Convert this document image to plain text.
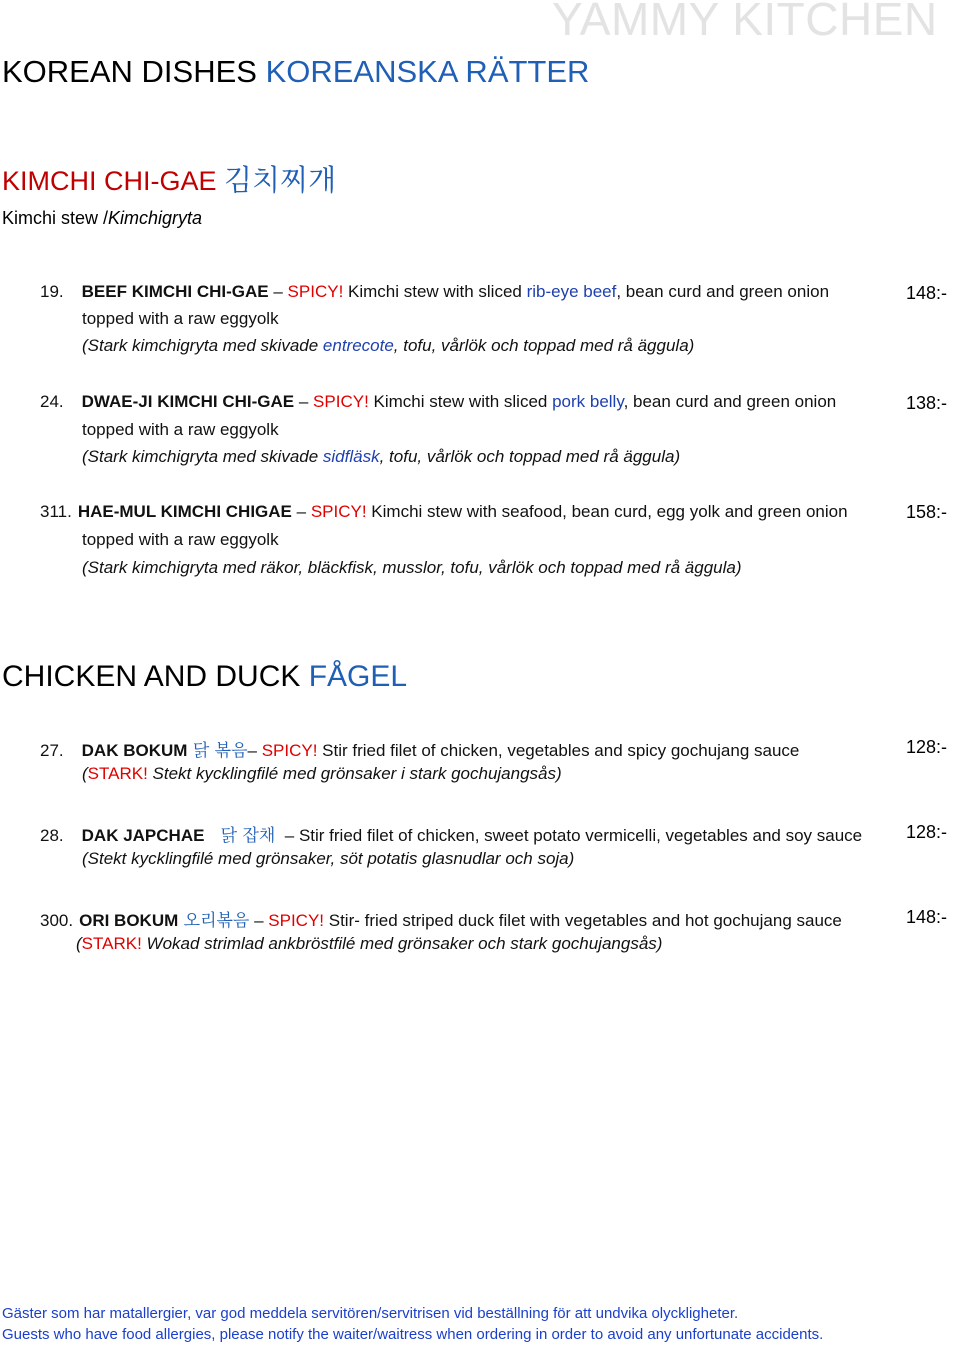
YAMMY KITCHEN
KOREAN DISHES KOREANSKA RÄTTER
KIMCHI CHI-GAE 김치찌개
Kimchi stew /Kimchigryta
19. BEEF KIMCHI CHI-GAE – SPICY! Kimchi stew with sliced rib-eye beef, bean curd and green onion
topped with a raw eggyolk
(Stark kimchigryta med skivade entrecote, tofu, vårlök och toppad med rå äggula)
148:-
24. DWAE-JI KIMCHI CHI-GAE – SPICY! Kimchi stew with sliced pork belly, bean curd and green onion
topped with a raw eggyolk
(Stark kimchigryta med skivade sidfläsk, tofu, vårlök och toppad med rå äggula)
138:-
311. HAE-MUL KIMCHI CHIGAE – SPICY! Kimchi stew with seafood, bean curd, egg yolk and green onion
topped with a raw eggyolk
(Stark kimchigryta med räkor, bläckfisk, musslor, tofu, vårlök och toppad med rå äggula)
158:-
CHICKEN AND DUCK FÅGEL
27. DAK BOKUM 닭 볶음– SPICY! Stir fried filet of chicken, vegetables and spicy gochujang sauce
(STARK! Stekt kycklingfilé med grönsaker i stark gochujangsås)
128:-
28. DAK JAPCHAE   닭 잡채  – Stir fried filet of chicken, sweet potato vermicelli, vegetables and soy sauce
(Stekt kycklingfilé med grönsaker, söt potatis glasnudlar och soja)
128:-
300. ORI BOKUM 오리볶음 – SPICY! Stir- fried striped duck filet with vegetables and hot gochujang sauce
(STARK! Wokad strimlad ankbröstfilé med grönsaker och stark gochujangsås)
148:-
Gäster som har matallergier, var god meddela servitören/servitrisen vid beställning för att undvika olyckligheter.
Guests who have food allergies, please notify the waiter/waitress when ordering in order to avoid any unfortunate accidents.
